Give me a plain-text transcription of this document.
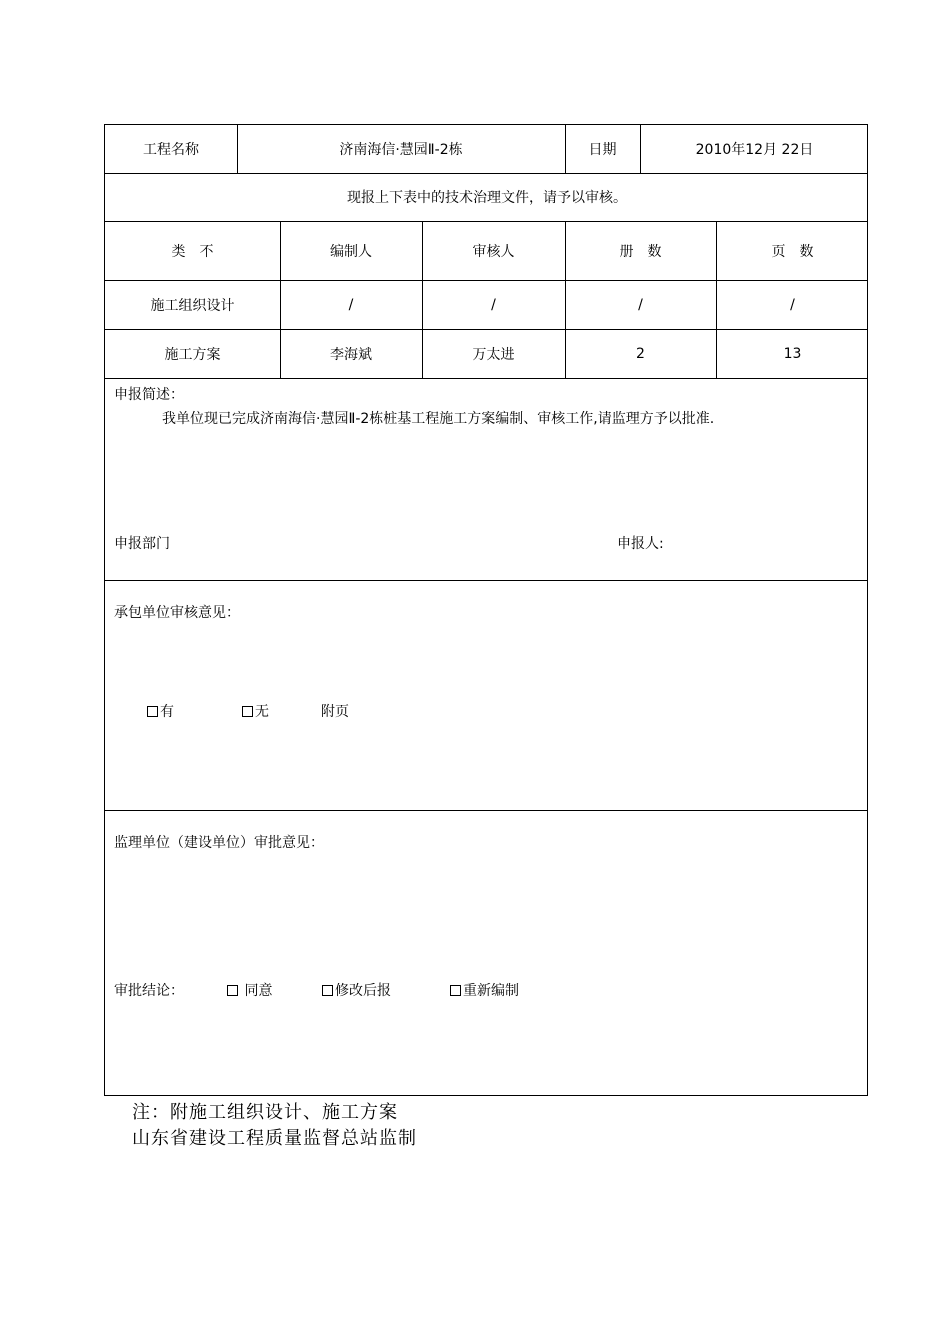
工程名称	济南海信·慧园Ⅱ-2栋	日期	2010年12月 22日
现报上下表中的技术治理文件，请予以审核。
类　不	编制人	审核人	册　数	页　数
施工组织设计	/	/	/	/
施工方案	李海斌	万太进	2	13
申报简述：
我单位现已完成济南海信·慧园Ⅱ-2栋桩基工程施工方案编制、审核工作,请监理方予以批准.
申报部门	申报人:
承包单位审核意见：
有	无	附页
监理单位（建设单位）审批意见：
审批结论：	同意	修改后报	重新编制
注：附施工组织设计、施工方案
山东省建设工程质量监督总站监制
